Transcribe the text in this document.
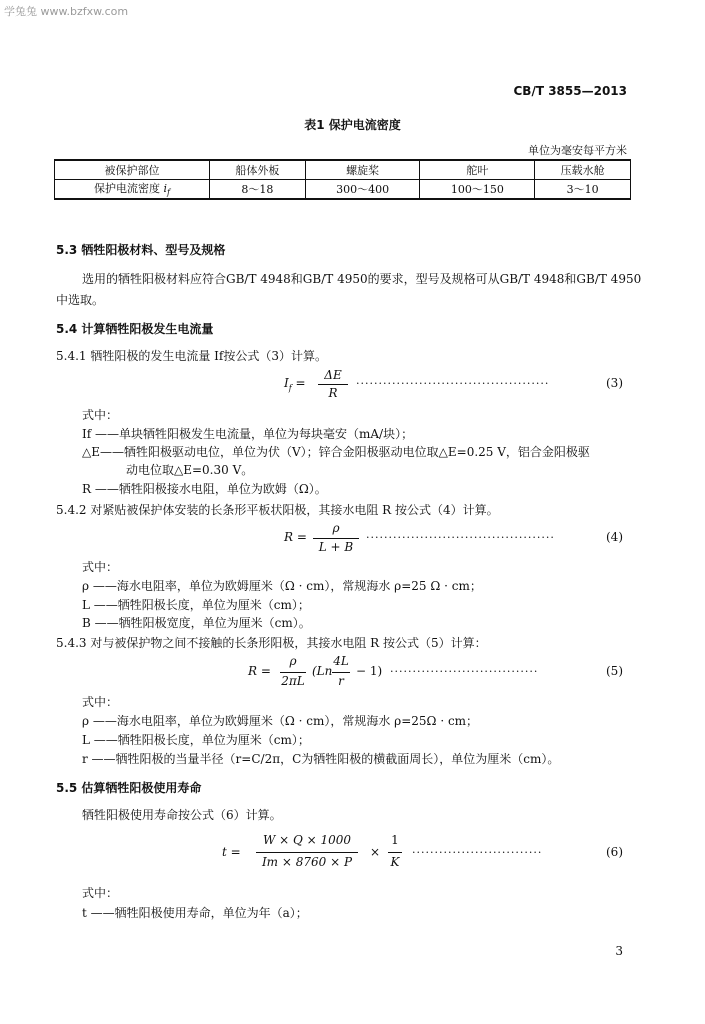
学兔兔 www.bzfxw.com
CB/T 3855—2013
表1 保护电流密度
单位为毫安每平方米
被保护部位	船体外板	螺旋桨	舵叶	压载水舱
保护电流密度 $i_f$	8～18	300～400	100～150	3～10
5.3 牺牲阳极材料、型号及规格
选用的牺牲阳极材料应符合GB/T 4948和GB/T 4950的要求，型号及规格可从GB/T 4948和GB/T 4950
中选取。
5.4 计算牺牲阳极发生电流量
5.4.1 牺牲阳极的发生电流量 If按公式（3）计算。
$I_f$ =
ΔE
R
...........................................	(3)
式中：
If ——单块牺牲阳极发生电流量，单位为每块毫安（mA/块）；
△E——牺牲阳极驱动电位，单位为伏（V）；锌合金阳极驱动电位取△E=0.25 V，铝合金阳极驱
动电位取△E=0.30 V。
R ——牺牲阳极接水电阻，单位为欧姆（Ω）。
5.4.2 对紧贴被保护体安装的长条形平板状阳极，其接水电阻 R 按公式（4）计算。
R =
ρ
L + B
..........................................	(4)
式中：
ρ ——海水电阻率，单位为欧姆厘米（Ω · cm），常规海水 ρ=25 Ω · cm；
L ——牺牲阳极长度，单位为厘米（cm）；
B ——牺牲阳极宽度，单位为厘米（cm）。
5.4.3 对与被保护物之间不接触的长条形阳极，其接水电阻 R 按公式（5）计算：
R =
ρ
2πL
(Ln
4L
r
− 1) .................................	(5)
式中：
ρ ——海水电阻率，单位为欧姆厘米（Ω · cm），常规海水 ρ=25Ω · cm；
L ——牺牲阳极长度，单位为厘米（cm）；
r ——牺牲阳极的当量半径（r=C/2π，C为牺牲阳极的横截面周长），单位为厘米（cm）。
5.5 估算牺牲阳极使用寿命
牺牲阳极使用寿命按公式（6）计算。
t =
W × Q × 1000
Im × 8760 × P
×
1
K
.............................	(6)
式中：
t ——牺牲阳极使用寿命，单位为年（a）；
3
